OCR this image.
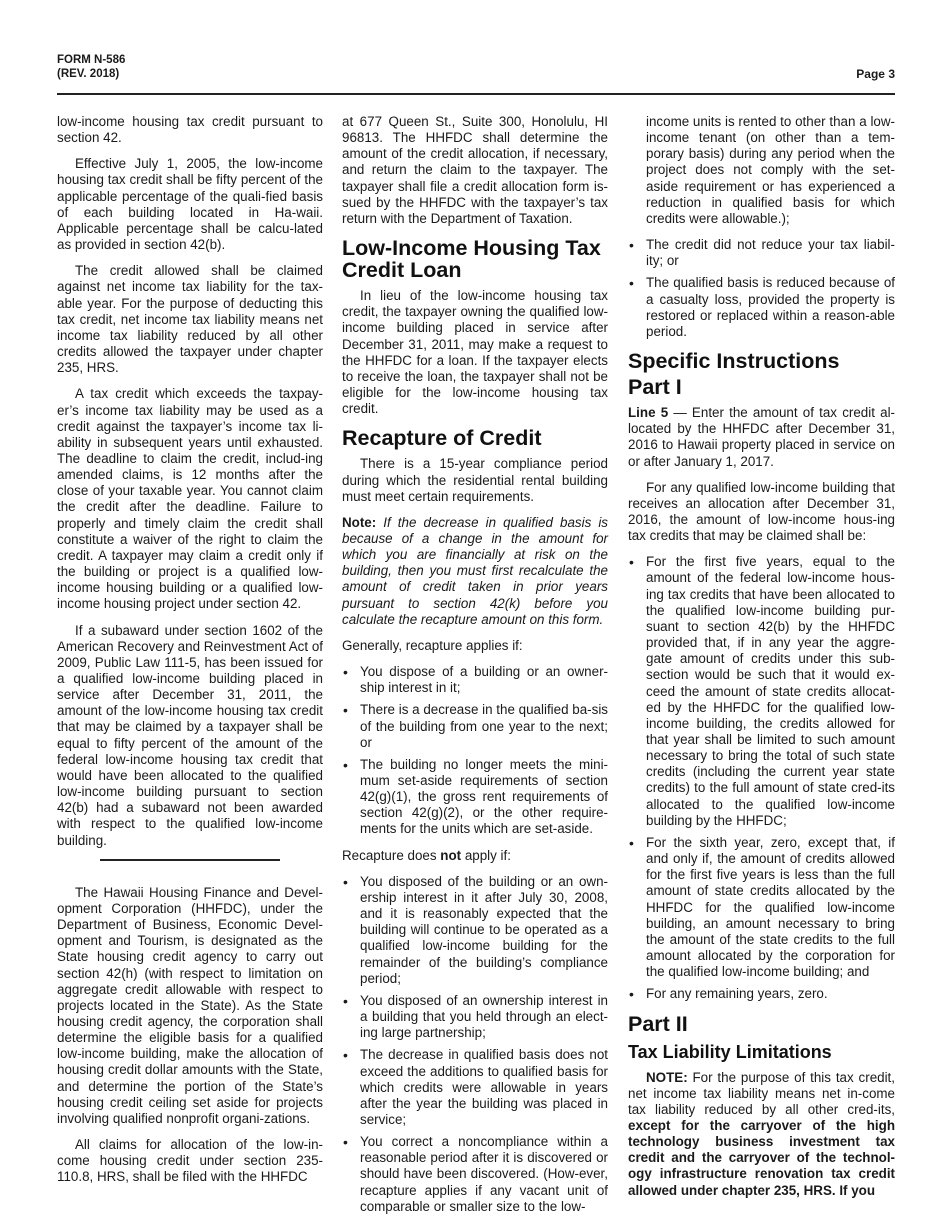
FORM N-586
(REV. 2018)	Page 3

low-income housing tax credit pursuant to section 42.

Effective July 1, 2005, the low-income housing tax credit shall be fifty percent of the applicable percentage of the quali-fied basis of each building located in Ha-waii. Applicable percentage shall be calcu-lated as provided in section 42(b).

The credit allowed shall be claimed against net income tax liability for the tax-able year. For the purpose of deducting this tax credit, net income tax liability means net income tax liability reduced by all other credits allowed the taxpayer under chapter 235, HRS.

A tax credit which exceeds the taxpay-er’s income tax liability may be used as a credit against the taxpayer’s income tax li-ability in subsequent years until exhausted. The deadline to claim the credit, includ-ing amended claims, is 12 months after the close of your taxable year. You cannot claim the credit after the deadline. Failure to properly and timely claim the credit shall constitute a waiver of the right to claim the credit. A taxpayer may claim a credit only if the building or project is a qualified low-income housing building or a qualified low-income housing project under section 42.

If a subaward under section 1602 of the American Recovery and Reinvestment Act of 2009, Public Law 111-5, has been issued for a qualified low-income building placed in service after December 31, 2011, the amount of the low-income housing tax credit that may be claimed by a taxpayer shall be equal to fifty percent of the amount of the federal low-income housing tax credit that would have been allocated to the qualified low-income building pursuant to section 42(b) had a subaward not been awarded with respect to the qualified low-income building.

The Hawaii Housing Finance and Devel-opment Corporation (HHFDC), under the Department of Business, Economic Devel-opment and Tourism, is designated as the State housing credit agency to carry out section 42(h) (with respect to limitation on aggregate credit allowable with respect to projects located in the State). As the State housing credit agency, the corporation shall determine the eligible basis for a qualified low-income building, make the allocation of housing credit dollar amounts with the State, and determine the portion of the State’s housing credit ceiling set aside for projects involving qualified nonprofit organi-zations.

All claims for allocation of the low-in-come housing credit under section 235-110.8, HRS, shall be filed with the HHFDC

at 677 Queen St., Suite 300, Honolulu, HI 96813. The HHFDC shall determine the amount of the credit allocation, if necessary, and return the claim to the taxpayer. The taxpayer shall file a credit allocation form is-sued by the HHFDC with the taxpayer’s tax return with the Department of Taxation.

Low-Income Housing Tax Credit Loan

In lieu of the low-income housing tax credit, the taxpayer owning the qualified low-income building placed in service after December 31, 2011, may make a request to the HHFDC for a loan. If the taxpayer elects to receive the loan, the taxpayer shall not be eligible for the low-income housing tax credit.

Recapture of Credit

There is a 15-year compliance period during which the residential rental building must meet certain requirements.

Note: If the decrease in qualified basis is because of a change in the amount for which you are financially at risk on the building, then you must first recalculate the amount of credit taken in prior years pursuant to section 42(k) before you calculate the recapture amount on this form.

Generally, recapture applies if:

• You dispose of a building or an owner-ship interest in it;
• There is a decrease in the qualified ba-sis of the building from one year to the next; or
• The building no longer meets the mini-mum set-aside requirements of section 42(g)(1), the gross rent requirements of section 42(g)(2), or the other require-ments for the units which are set-aside.

Recapture does not apply if:

• You disposed of the building or an own-ership interest in it after July 30, 2008, and it is reasonably expected that the building will continue to be operated as a qualified low-income building for the remainder of the building’s compliance period;
• You disposed of an ownership interest in a building that you held through an elect-ing large partnership;
• The decrease in qualified basis does not exceed the additions to qualified basis for which credits were allowable in years after the year the building was placed in service;
• You correct a noncompliance within a reasonable period after it is discovered or should have been discovered. (How-ever, recapture applies if any vacant unit of comparable or smaller size to the low-

income units is rented to other than a low-income tenant (on other than a tem-porary basis) during any period when the project does not comply with the set-aside requirement or has experienced a reduction in qualified basis for which credits were allowable.);

• The credit did not reduce your tax liabil-ity; or
• The qualified basis is reduced because of a casualty loss, provided the property is restored or replaced within a reason-able period.
Specific Instructions
Part I

Line 5 — Enter the amount of tax credit al-located by the HHFDC after December 31, 2016 to Hawaii property placed in service on or after January 1, 2017.

For any qualified low-income building that receives an allocation after December 31, 2016, the amount of low-income hous-ing tax credits that may be claimed shall be:

• For the first five years, equal to the amount of the federal low-income hous-ing tax credits that have been allocated to the qualified low-income building pur-suant to section 42(b) by the HHFDC provided that, if in any year the aggre-gate amount of credits under this sub-section would be such that it would ex-ceed the amount of state credits allocat-ed by the HHFDC for the qualified low-income building, the credits allowed for that year shall be limited to such amount necessary to bring the total of such state credits (including the current year state credits) to the full amount of state cred-its allocated to the qualified low-income building by the HHFDC;
• For the sixth year, zero, except that, if and only if, the amount of credits allowed for the first five years is less than the full amount of state credits allocated by the HHFDC for the qualified low-income building, an amount necessary to bring the amount of the state credits to the full amount allocated by the corporation for the qualified low-income building; and
• For any remaining years, zero.
Part II
Tax Liability Limitations

NOTE: For the purpose of this tax credit, net income tax liability means net in-come tax liability reduced by all other cred-its, except for the carryover of the high technology business investment tax credit and the carryover of the technol-ogy infrastructure renovation tax credit allowed under chapter 235, HRS. If you
